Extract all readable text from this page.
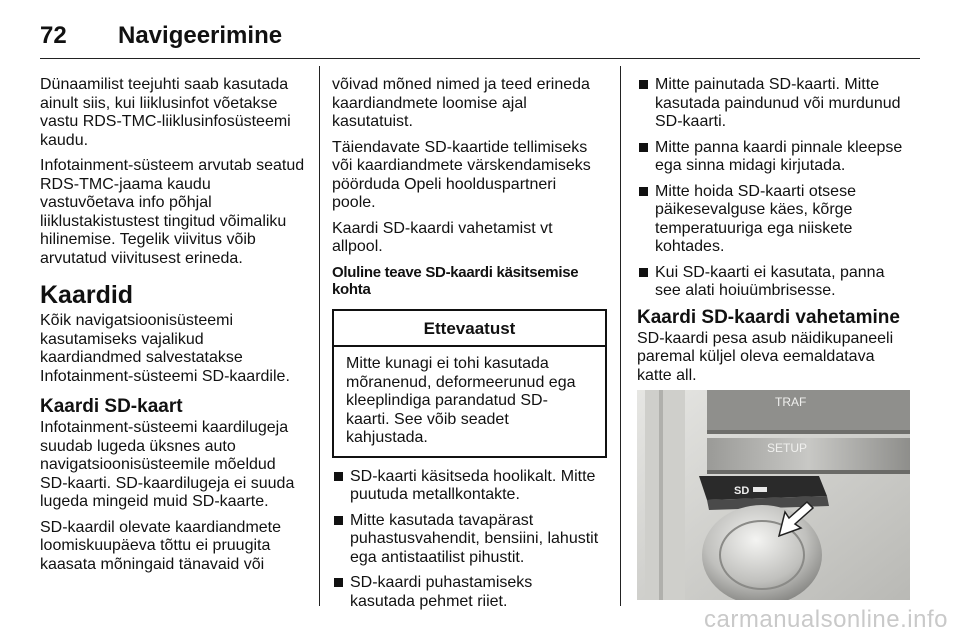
72	Navigeerimine

Dünaamilist teejuhti saab kasutada
ainult siis, kui liiklusinfot võetakse
vastu RDS-TMC-liiklusinfosüsteemi
kaudu.

Infotainment-süsteem arvutab seatud
RDS-TMC-jaama kaudu
vastuvõetava info põhjal
liiklustakistustest tingitud võimaliku
hilinemise. Tegelik viivitus võib
arvutatud viivitusest erineda.

Kaardid

Kõik navigatsioonisüsteemi
kasutamiseks vajalikud
kaardiandmed salvestatakse
Infotainment-süsteemi SD-kaardile.

Kaardi SD-kaart

Infotainment-süsteemi kaardilugeja
suudab lugeda üksnes auto
navigatsioonisüsteemile mõeldud
SD-kaarti. SD-kaardilugeja ei suuda
lugeda mingeid muid SD-kaarte.

SD-kaardil olevate kaardiandmete
loomiskuupäeva tõttu ei pruugita
kaasata mõningaid tänavaid või

võivad mõned nimed ja teed erineda
kaardiandmete loomise ajal
kasutatuist.

Täiendavate SD-kaartide tellimiseks
või kaardiandmete värskendamiseks
pöörduda Opeli hoolduspartneri
poole.

Kaardi SD-kaardi vahetamist vt
allpool.

Oluline teave SD-kaardi käsitsemise
kohta
Ettevaatust
Mitte kunagi ei tohi kasutada
mõranenud, deformeerunud ega
kleeplindiga parandatud SD-
kaarti. See võib seadet
kahjustada.
SD-kaarti käsitseda hoolikalt. Mitte
puutuda metallkontakte.
Mitte kasutada tavapärast
puhastusvahendit, bensiini, lahustit
ega antistaatilist pihustit.
SD-kaardi puhastamiseks
kasutada pehmet riiet.
Mitte painutada SD-kaarti. Mitte
kasutada paindunud või murdunud
SD-kaarti.
Mitte panna kaardi pinnale kleepse
ega sinna midagi kirjutada.
Mitte hoida SD-kaarti otsese
päikesevalguse käes, kõrge
temperatuuriga ega niiskete
kohtades.
Kui SD-kaarti ei kasutata, panna
see alati hoiuümbrisesse.
Kaardi SD-kaardi vahetamine

SD-kaardi pesa asub näidikupaneeli
paremal küljel oleva eemaldatava
katte all.

TRAF
SETUP
SD
carmanualsonline.info
